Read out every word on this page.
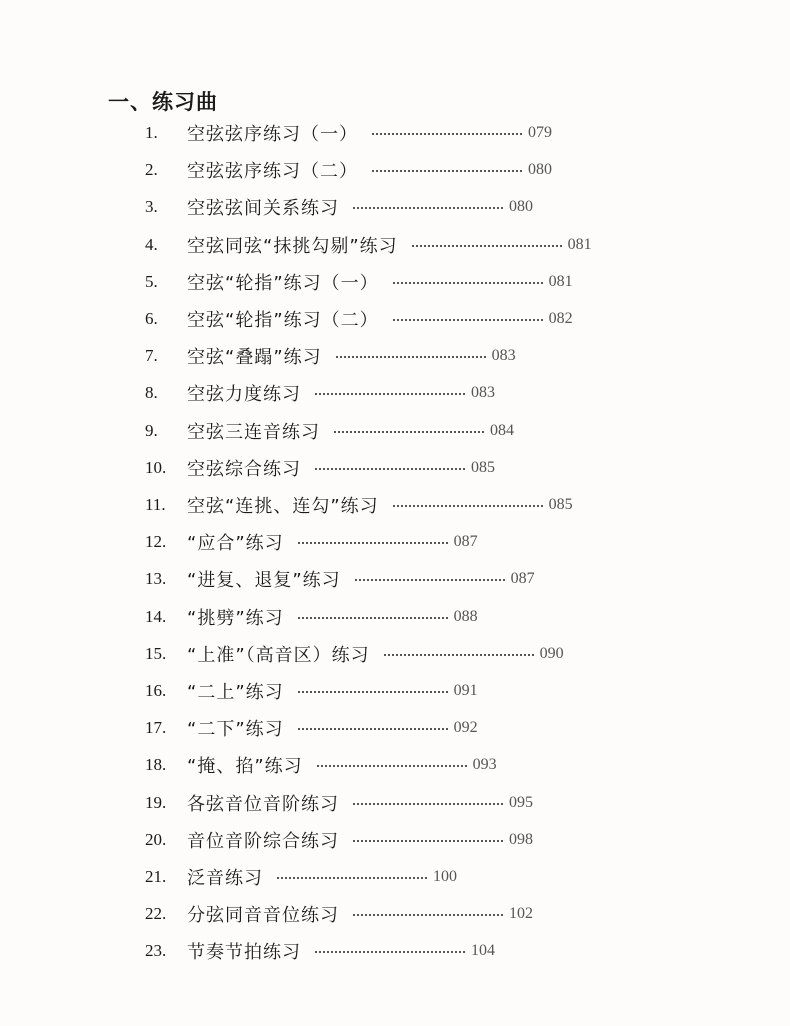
一、练习曲
1.	空弦弦序练习（一）	079
2.	空弦弦序练习（二）	080
3.	空弦弦间关系练习	080
4.	空弦同弦“抹挑勾剔”练习	081
5.	空弦“轮指”练习（一）	081
6.	空弦“轮指”练习（二）	082
7.	空弦“叠蹋”练习	083
8.	空弦力度练习	083
9.	空弦三连音练习	084
10.	空弦综合练习	085
11.	空弦“连挑、连勾”练习	085
12.	“应合”练习	087
13.	“进复、退复”练习	087
14.	“挑劈”练习	088
15.	“上准”（高音区）练习	090
16.	“二上”练习	091
17.	“二下”练习	092
18.	“掩、掐”练习	093
19.	各弦音位音阶练习	095
20.	音位音阶综合练习	098
21.	泛音练习	100
22.	分弦同音音位练习	102
23.	节奏节拍练习	104
